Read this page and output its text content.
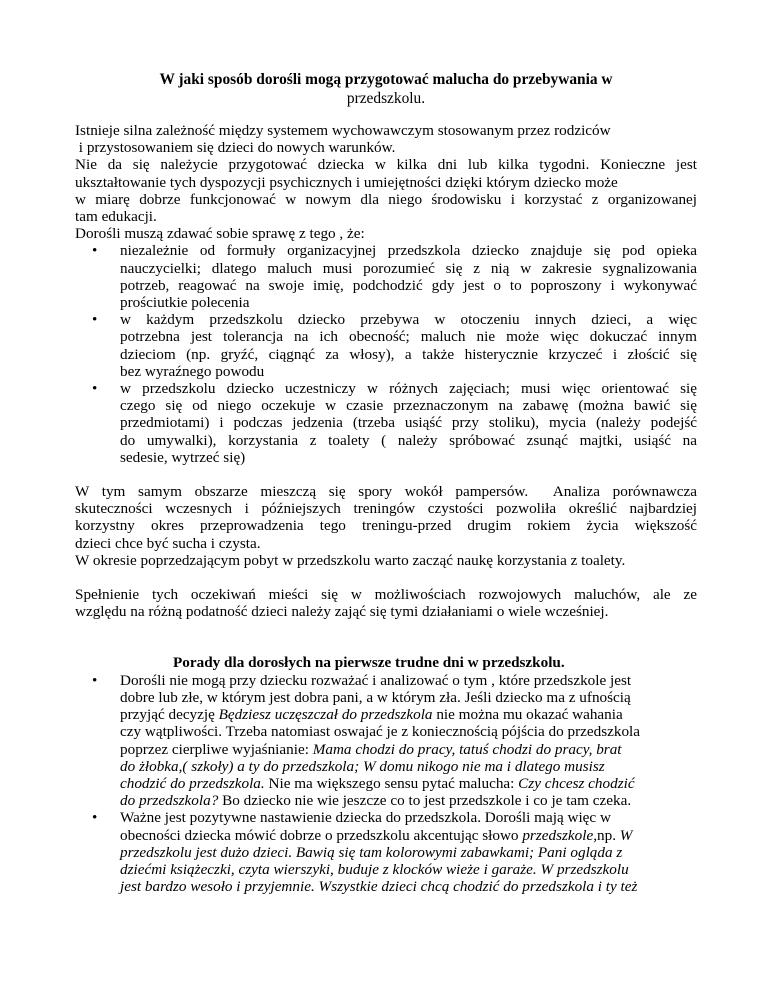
W jaki sposób dorośli mogą przygotować malucha do przebywania w
przedszkolu.
Istnieje silna zależność między systemem wychowawczym stosowanym przez rodziców
i przystosowaniem się dzieci do nowych warunków.
Nie da się należycie przygotować dziecka w kilka dni lub kilka tygodni. Konieczne jest
ukształtowanie tych dyspozycji psychicznych i umiejętności dzięki którym dziecko może
w miarę dobrze funkcjonować w nowym dla niego środowisku i korzystać z organizowanej
tam edukacji.
Dorośli muszą zdawać sobie sprawę z tego , że:
• niezależnie od formuły organizacyjnej przedszkola dziecko znajduje się pod opieka
nauczycielki; dlatego maluch musi porozumieć się z nią w zakresie sygnalizowania
potrzeb, reagować na swoje imię, podchodzić gdy jest o to poproszony i wykonywać
prościutkie polecenia
• w każdym przedszkolu dziecko przebywa w otoczeniu innych dzieci, a więc
potrzebna jest tolerancja na ich obecność; maluch nie może więc dokuczać innym
dzieciom (np. gryźć, ciągnąć za włosy), a także histerycznie krzyczeć i złościć się
bez wyraźnego powodu
• w przedszkolu dziecko uczestniczy w różnych zajęciach; musi więc orientować się
czego się od niego oczekuje w czasie przeznaczonym na zabawę (można bawić się
przedmiotami) i podczas jedzenia (trzeba usiąść przy stoliku), mycia (należy podejść
do umywalki), korzystania z toalety ( należy spróbować zsunąć majtki, usiąść na
sedesie, wytrzeć się)
W tym samym obszarze mieszczą się spory wokół pampersów.  Analiza porównawcza
skuteczności wczesnych i późniejszych treningów czystości pozwoliła określić najbardziej
korzystny okres przeprowadzenia tego treningu-przed drugim rokiem życia większość
dzieci chce być sucha i czysta.
W okresie poprzedzającym pobyt w przedszkolu warto zacząć naukę korzystania z toalety.
Spełnienie tych oczekiwań mieści się w możliwościach rozwojowych maluchów, ale ze
względu na różną podatność dzieci należy zająć się tymi działaniami o wiele wcześniej.
Porady dla dorosłych na pierwsze trudne dni w przedszkolu.
• Dorośli nie mogą przy dziecku rozważać i analizować o tym , które przedszkole jest
dobre lub złe, w którym jest dobra pani, a w którym zła. Jeśli dziecko ma z ufnością
przyjąć decyzję Będziesz uczęszczał do przedszkola nie można mu okazać wahania
czy wątpliwości. Trzeba natomiast oswajać je z koniecznością pójścia do przedszkola
poprzez cierpliwe wyjaśnianie: Mama chodzi do pracy, tatuś chodzi do pracy, brat
do żłobka,( szkoły) a ty do przedszkola; W domu nikogo nie ma i dlatego musisz
chodzić do przedszkola. Nie ma większego sensu pytać malucha: Czy chcesz chodzić
do przedszkola? Bo dziecko nie wie jeszcze co to jest przedszkole i co je tam czeka.
• Ważne jest pozytywne nastawienie dziecka do przedszkola. Dorośli mają więc w
obecności dziecka mówić dobrze o przedszkolu akcentując słowo przedszkole,np. W
przedszkolu jest dużo dzieci. Bawią się tam kolorowymi zabawkami; Pani ogląda z
dziećmi książeczki, czyta wierszyki, buduje z klocków wieże i garaże. W przedszkolu
jest bardzo wesoło i przyjemnie. Wszystkie dzieci chcą chodzić do przedszkola i ty też
